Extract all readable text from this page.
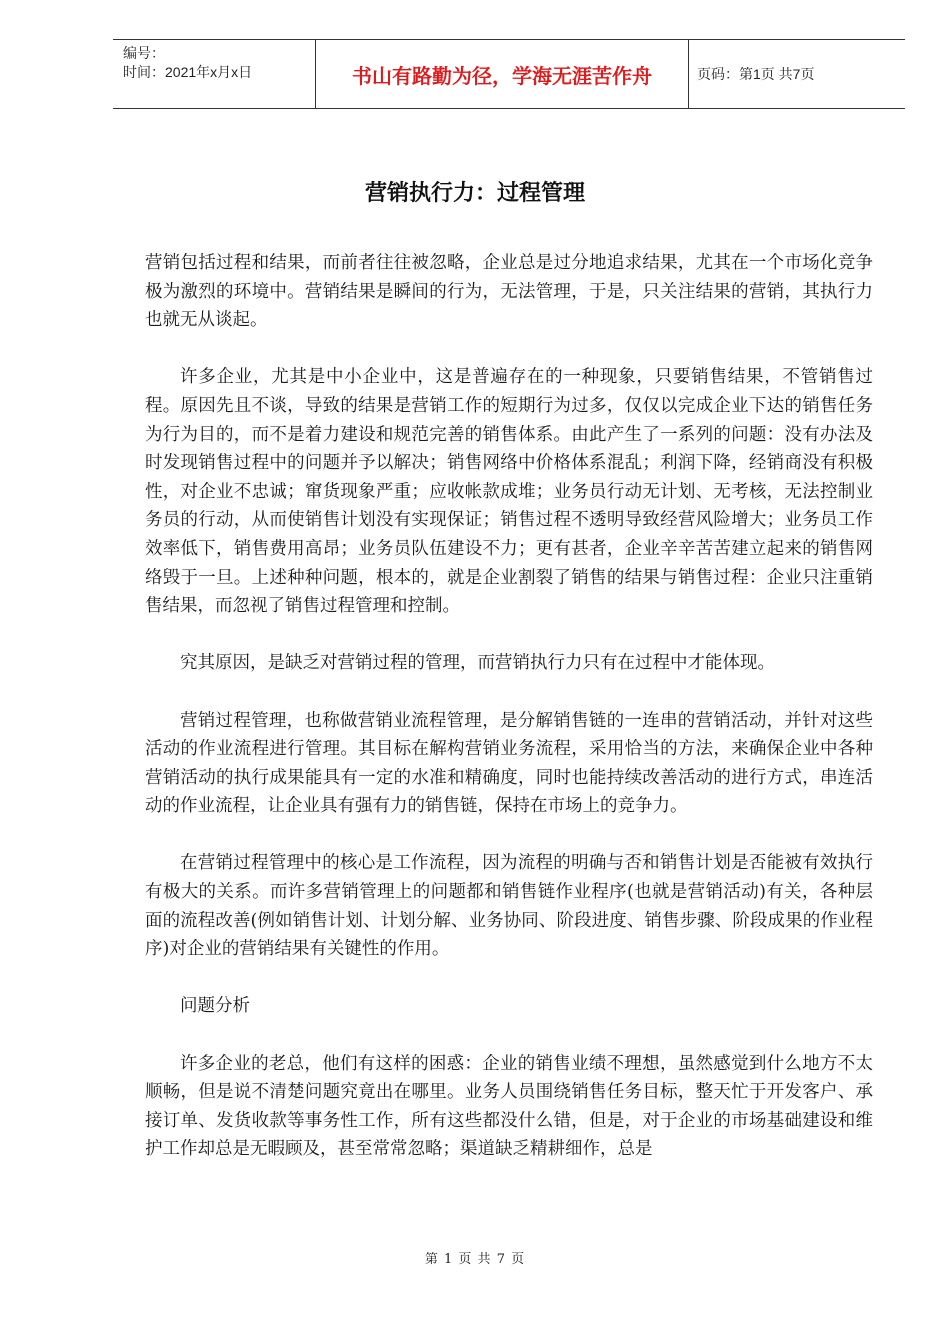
编号：
时间：2021年x月x日	书山有路勤为径，学海无涯苦作舟	页码：第1页 共7页
营销执行力：过程管理

营销包括过程和结果，而前者往往被忽略，企业总是过分地追求结果，尤其在一个市场化竞争极为激烈的环境中。营销结果是瞬间的行为，无法管理，于是，只关注结果的营销，其执行力也就无从谈起。

许多企业，尤其是中小企业中，这是普遍存在的一种现象，只要销售结果，不管销售过程。原因先且不谈，导致的结果是营销工作的短期行为过多，仅仅以完成企业下达的销售任务为行为目的，而不是着力建设和规范完善的销售体系。由此产生了一系列的问题：没有办法及时发现销售过程中的问题并予以解决；销售网络中价格体系混乱；利润下降，经销商没有积极性，对企业不忠诚；窜货现象严重；应收帐款成堆；业务员行动无计划、无考核，无法控制业务员的行动，从而使销售计划没有实现保证；销售过程不透明导致经营风险增大；业务员工作效率低下，销售费用高昂；业务员队伍建设不力；更有甚者，企业辛辛苦苦建立起来的销售网络毁于一旦。上述种种问题，根本的，就是企业割裂了销售的结果与销售过程：企业只注重销售结果，而忽视了销售过程管理和控制。

究其原因，是缺乏对营销过程的管理，而营销执行力只有在过程中才能体现。

营销过程管理，也称做营销业流程管理，是分解销售链的一连串的营销活动，并针对这些活动的作业流程进行管理。其目标在解构营销业务流程，采用恰当的方法，来确保企业中各种营销活动的执行成果能具有一定的水准和精确度，同时也能持续改善活动的进行方式，串连活动的作业流程，让企业具有强有力的销售链，保持在市场上的竞争力。

在营销过程管理中的核心是工作流程，因为流程的明确与否和销售计划是否能被有效执行有极大的关系。而许多营销管理上的问题都和销售链作业程序(也就是营销活动)有关，各种层面的流程改善(例如销售计划、计划分解、业务协同、阶段进度、销售步骤、阶段成果的作业程序)对企业的营销结果有关键性的作用。

问题分析

许多企业的老总，他们有这样的困惑：企业的销售业绩不理想，虽然感觉到什么地方不太顺畅，但是说不清楚问题究竟出在哪里。业务人员围绕销售任务目标，整天忙于开发客户、承接订单、发货收款等事务性工作，所有这些都没什么错，但是，对于企业的市场基础建设和维护工作却总是无暇顾及，甚至常常忽略；渠道缺乏精耕细作，总是

第 1 页 共 7 页
